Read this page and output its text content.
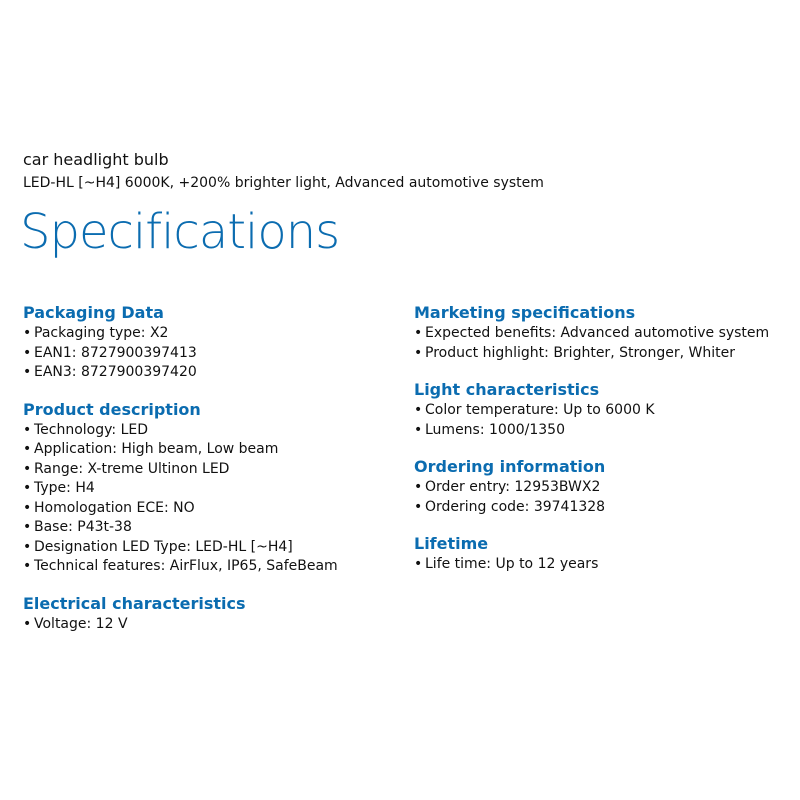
car headlight bulb
LED-HL [~H4] 6000K, +200% brighter light, Advanced automotive system
Specifications
Packaging Data
• Packaging type: X2
• EAN1: 8727900397413
• EAN3: 8727900397420
Product description
• Technology: LED
• Application: High beam, Low beam
• Range: X-treme Ultinon LED
• Type: H4
• Homologation ECE: NO
• Base: P43t-38
• Designation LED Type: LED-HL [~H4]
• Technical features: AirFlux, IP65, SafeBeam
Electrical characteristics
• Voltage: 12 V
Marketing specifications
• Expected benefits: Advanced automotive system
• Product highlight: Brighter, Stronger, Whiter
Light characteristics
• Color temperature: Up to 6000 K
• Lumens: 1000/1350
Ordering information
• Order entry: 12953BWX2
• Ordering code: 39741328
Lifetime
• Life time: Up to 12 years
